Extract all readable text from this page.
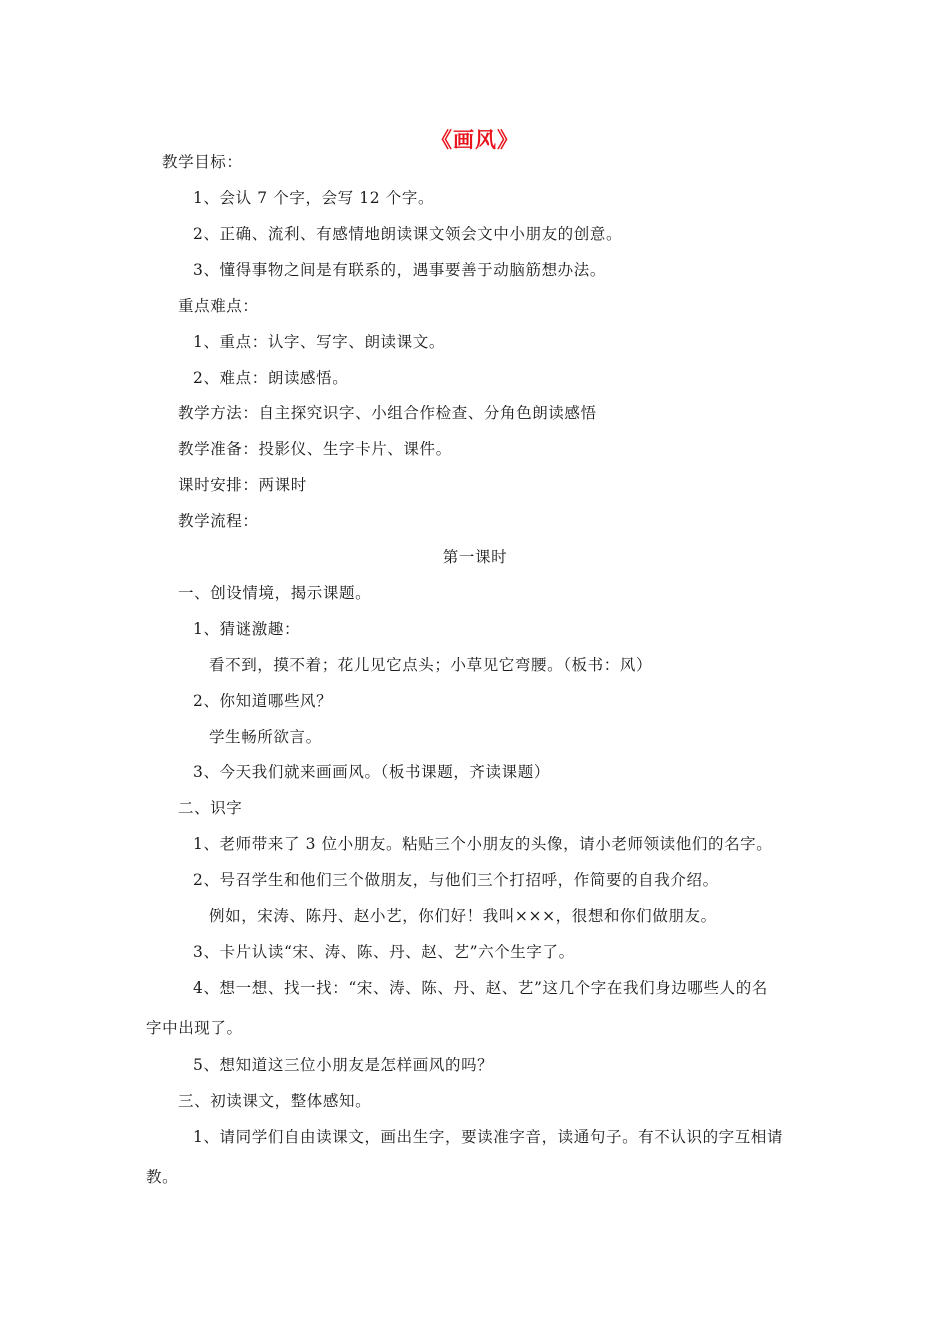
《画风》
教学目标：
1、会认 7 个字，会写 12 个字。
2、正确、流利、有感情地朗读课文领会文中小朋友的创意。
3、懂得事物之间是有联系的，遇事要善于动脑筋想办法。
重点难点：
1、重点：认字、写字、朗读课文。
2、难点：朗读感悟。
教学方法：自主探究识字、小组合作检查、分角色朗读感悟
教学准备：投影仪、生字卡片、课件。
课时安排：两课时
教学流程：
第一课时
一、创设情境，揭示课题。
1、猜谜激趣：
看不到，摸不着；花儿见它点头；小草见它弯腰。（板书：风）
2、你知道哪些风？
学生畅所欲言。
3、今天我们就来画画风。（板书课题，齐读课题）
二、识字
1、老师带来了 3 位小朋友。粘贴三个小朋友的头像，请小老师领读他们的名字。
2、号召学生和他们三个做朋友，与他们三个打招呼，作简要的自我介绍。
例如，宋涛、陈丹、赵小艺，你们好！我叫×××，很想和你们做朋友。
3、卡片认读“宋、涛、陈、丹、赵、艺”六个生字了。
4、想一想、找一找：“宋、涛、陈、丹、赵、艺”这几个字在我们身边哪些人的名
字中出现了。
5、想知道这三位小朋友是怎样画风的吗？
三、初读课文，整体感知。
1、请同学们自由读课文，画出生字，要读准字音，读通句子。有不认识的字互相请
教。
